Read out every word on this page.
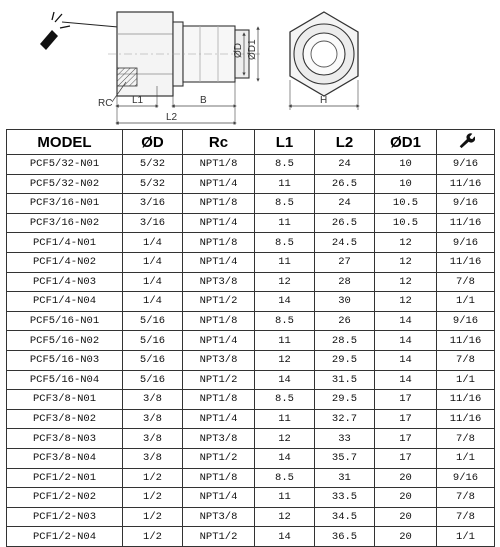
ØD ØD1
RC L1	B
L2
H
MODEL	ØD	Rc	L1	L2	ØD1	
PCF5/32-N01	5/32	NPT1/8	8.5	24	10	9/16
PCF5/32-N02	5/32	NPT1/4	11	26.5	10	11/16
PCF3/16-N01	3/16	NPT1/8	8.5	24	10.5	9/16
PCF3/16-N02	3/16	NPT1/4	11	26.5	10.5	11/16
PCF1/4-N01	1/4	NPT1/8	8.5	24.5	12	9/16
PCF1/4-N02	1/4	NPT1/4	11	27	12	11/16
PCF1/4-N03	1/4	NPT3/8	12	28	12	7/8
PCF1/4-N04	1/4	NPT1/2	14	30	12	1/1
PCF5/16-N01	5/16	NPT1/8	8.5	26	14	9/16
PCF5/16-N02	5/16	NPT1/4	11	28.5	14	11/16
PCF5/16-N03	5/16	NPT3/8	12	29.5	14	7/8
PCF5/16-N04	5/16	NPT1/2	14	31.5	14	1/1
PCF3/8-N01	3/8	NPT1/8	8.5	29.5	17	11/16
PCF3/8-N02	3/8	NPT1/4	11	32.7	17	11/16
PCF3/8-N03	3/8	NPT3/8	12	33	17	7/8
PCF3/8-N04	3/8	NPT1/2	14	35.7	17	1/1
PCF1/2-N01	1/2	NPT1/8	8.5	31	20	9/16
PCF1/2-N02	1/2	NPT1/4	11	33.5	20	7/8
PCF1/2-N03	1/2	NPT3/8	12	34.5	20	7/8
PCF1/2-N04	1/2	NPT1/2	14	36.5	20	1/1
